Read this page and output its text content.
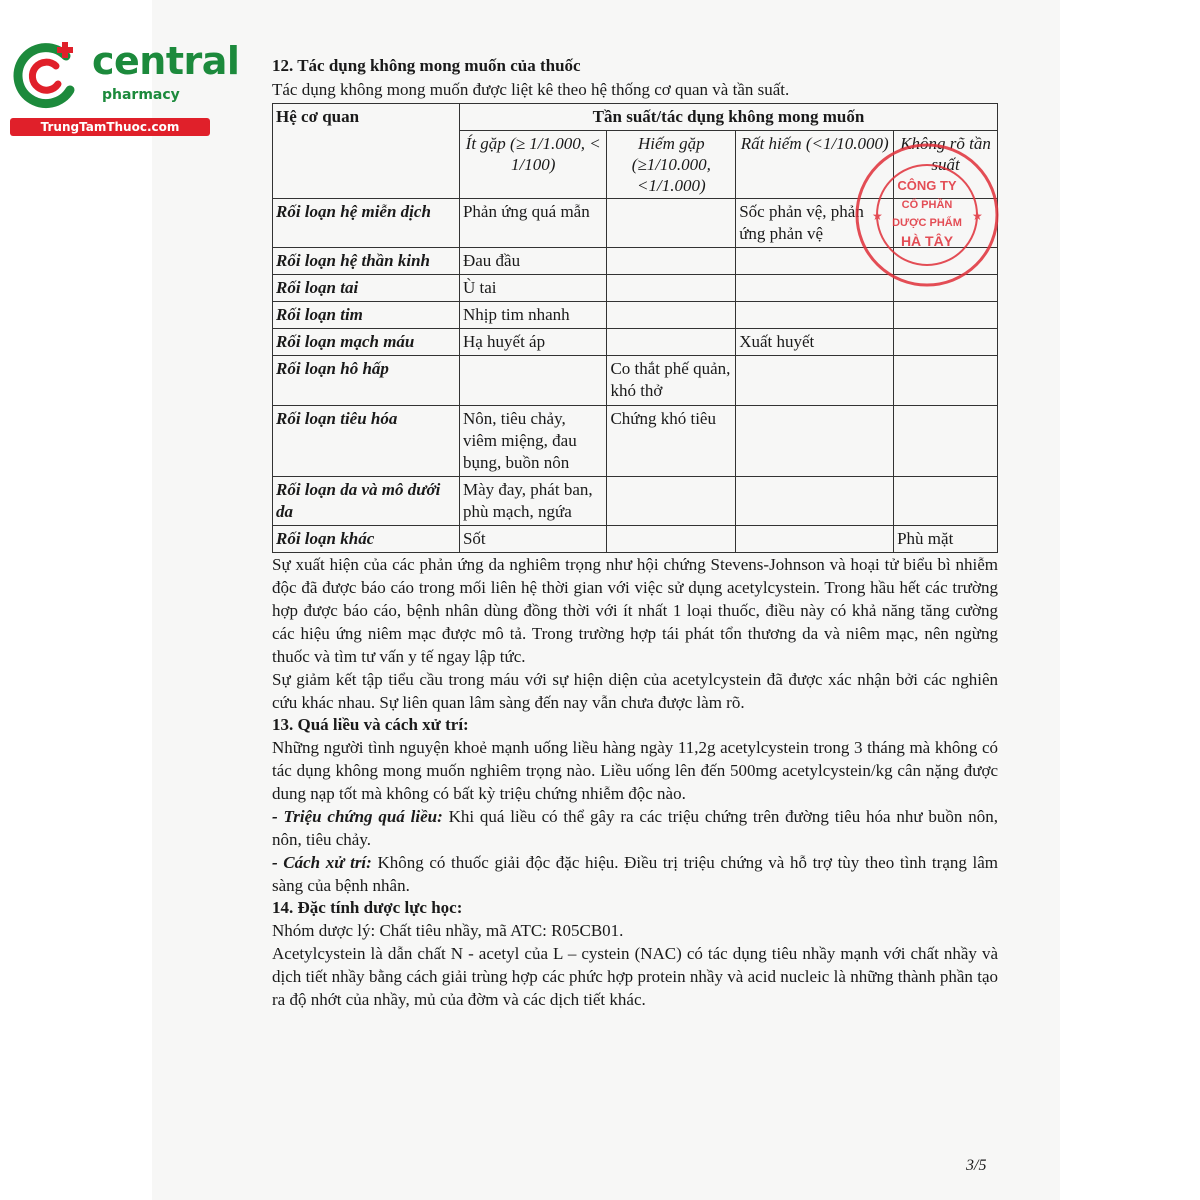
central
pharmacy
TrungTamThuoc.com

12. Tác dụng không mong muốn của thuốc

Tác dụng không mong muốn được liệt kê theo hệ thống cơ quan và tần suất.

Hệ cơ quan	Tần suất/tác dụng không mong muốn			
	Ít gặp (≥ 1/1.000, < 1/100)	Hiếm gặp (≥1/10.000, <1/1.000)	Rất hiếm (<1/10.000)	Không rõ tần suất
Rối loạn hệ miễn dịch	Phản ứng quá mẫn		Sốc phản vệ, phản ứng phản vệ	
Rối loạn hệ thần kinh	Đau đầu			
Rối loạn tai	Ù tai			
Rối loạn tim	Nhịp tim nhanh			
Rối loạn mạch máu	Hạ huyết áp		Xuất huyết	
Rối loạn hô hấp		Co thắt phế quản, khó thở		
Rối loạn tiêu hóa	Nôn, tiêu chảy, viêm miệng, đau bụng, buồn nôn	Chứng khó tiêu		
Rối loạn da và mô dưới da	Mày đay, phát ban, phù mạch, ngứa			
Rối loạn khác	Sốt			Phù mặt

Sự xuất hiện của các phản ứng da nghiêm trọng như hội chứng Stevens-Johnson và hoại tử biểu bì nhiễm độc đã được báo cáo trong mối liên hệ thời gian với việc sử dụng acetylcystein. Trong hầu hết các trường hợp được báo cáo, bệnh nhân dùng đồng thời với ít nhất 1 loại thuốc, điều này có khả năng tăng cường các hiệu ứng niêm mạc được mô tả. Trong trường hợp tái phát tổn thương da và niêm mạc, nên ngừng thuốc và tìm tư vấn y tế ngay lập tức.

Sự giảm kết tập tiểu cầu trong máu với sự hiện diện của acetylcystein đã được xác nhận bởi các nghiên cứu khác nhau. Sự liên quan lâm sàng đến nay vẫn chưa được làm rõ.

13. Quá liều và cách xử trí:

Những người tình nguyện khoẻ mạnh uống liều hàng ngày 11,2g acetylcystein trong 3 tháng mà không có tác dụng không mong muốn nghiêm trọng nào. Liều uống lên đến 500mg acetylcystein/kg cân nặng được dung nạp tốt mà không có bất kỳ triệu chứng nhiễm độc nào.

- Triệu chứng quá liều: Khi quá liều có thể gây ra các triệu chứng trên đường tiêu hóa như buồn nôn, nôn, tiêu chảy.

- Cách xử trí: Không có thuốc giải độc đặc hiệu. Điều trị triệu chứng và hỗ trợ tùy theo tình trạng lâm sàng của bệnh nhân.

14. Đặc tính dược lực học:

Nhóm dược lý: Chất tiêu nhầy, mã ATC: R05CB01.

Acetylcystein là dẫn chất N - acetyl của L – cystein (NAC) có tác dụng tiêu nhầy mạnh với chất nhầy và dịch tiết nhầy bằng cách giải trùng hợp các phức hợp protein nhầy và acid nucleic là những thành phần tạo ra độ nhớt của nhầy, mủ của đờm và các dịch tiết khác.

CÔNG TY
CỔ PHẦN
DƯỢC PHẨM
HÀ TÂY
★	★
3/5
